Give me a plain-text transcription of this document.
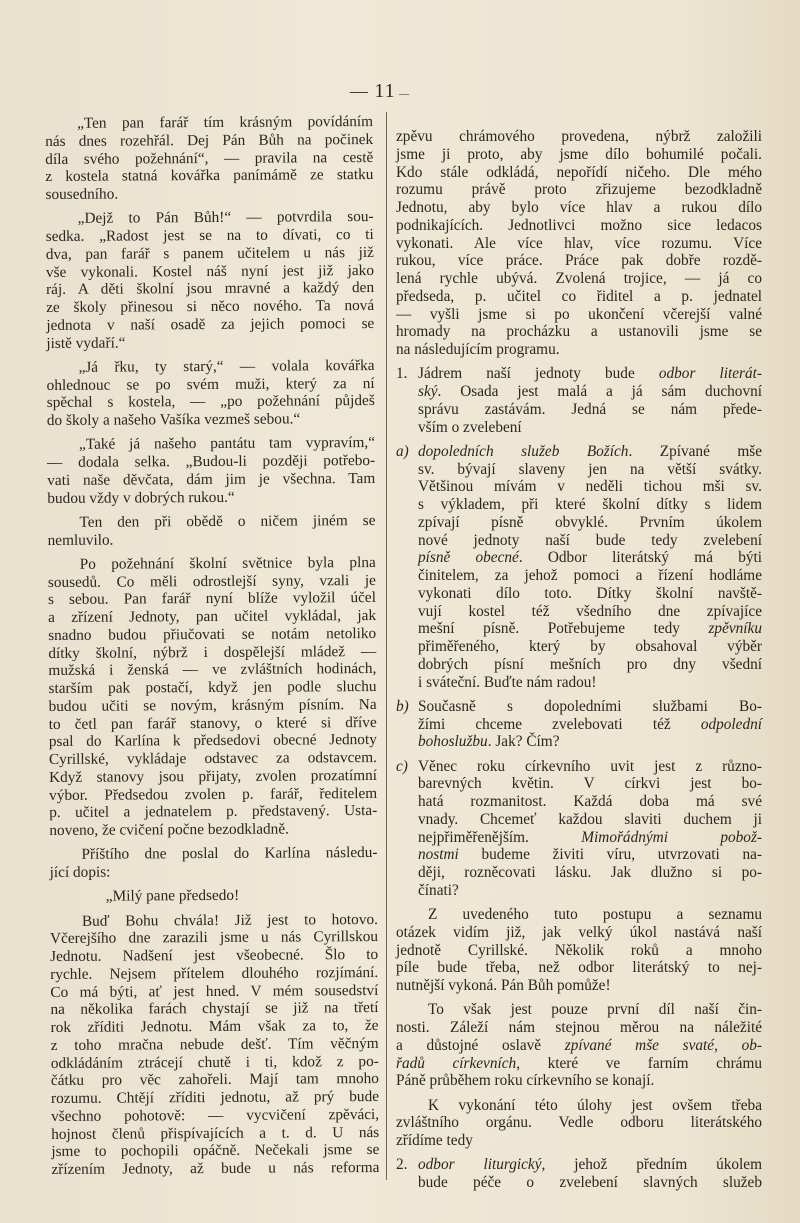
— 11 —
„Ten pan farář tím krásným povídáním
nás dnes rozehřál. Dej Pán Bůh na počinek
díla svého požehnání“, — pravila na cestě
z kostela statná kovářka panímámě ze statku
sousedního.
„Dejž to Pán Bůh!“ — potvrdila sou-
sedka. „Radost jest se na to dívati, co ti
dva, pan farář s panem učitelem u nás již
vše vykonali. Kostel náš nyní jest již jako
ráj. A děti školní jsou mravné a každý den
ze školy přinesou si něco nového. Ta nová
jednota v naší osadě za jejich pomoci se
jistě vydaří.“
„Já řku, ty starý,“ — volala kovářka
ohlednouc se po svém muži, který za ní
spěchal s kostela, — „po požehnání půjdeš
do školy a našeho Vašíka vezmeš sebou.“
„Také já našeho pantátu tam vypravím,“
— dodala selka. „Budou-li později potřebo-
vati naše děvčata, dám jim je všechna. Tam
budou vždy v dobrých rukou.“
Ten den při obědě o ničem jiném se
nemluvilo.
Po požehnání školní světnice byla plna
sousedů. Co měli odrostlejší syny, vzali je
s sebou. Pan farář nyní blíže vyložil účel
a zřízení Jednoty, pan učitel vykládal, jak
snadno budou přiučovati se notám netoliko
dítky školní, nýbrž i dospělejší mládež —
mužská i ženská — ve zvláštních hodinách,
starším pak postačí, když jen podle sluchu
budou učiti se novým, krásným písním. Na
to četl pan farář stanovy, o které si dříve
psal do Karlína k předsedovi obecné Jednoty
Cyrillské, vykládaje odstavec za odstavcem.
Když stanovy jsou přijaty, zvolen prozatímní
výbor. Předsedou zvolen p. farář, ředitelem
p. učitel a jednatelem p. představený. Usta-
noveno, že cvičení počne bezodkladně.
Příštího dne poslal do Karlína následu-
jící dopis:
„Milý pane předsedo!
Buď Bohu chvála! Již jest to hotovo.
Včerejšího dne zarazili jsme u nás Cyrillskou
Jednotu. Nadšení jest všeobecné. Šlo to
rychle. Nejsem přítelem dlouhého rozjímání.
Co má býti, ať jest hned. V mém sousedství
na několika farách chystají se již na třetí
rok zříditi Jednotu. Mám však za to, že
z toho mračna nebude dešť. Tím věčným
odkládáním ztrácejí chutě i ti, kdož z po-
čátku pro věc zahořeli. Mají tam mnoho
rozumu. Chtějí zříditi jednotu, až prý bude
všechno pohotově: — vycvičení zpěváci,
hojnost členů přispívajících a t. d. U nás
jsme to pochopili opáčně. Nečekali jsme se
zřízením Jednoty, až bude u nás reforma
zpěvu chrámového provedena, nýbrž založili
jsme ji proto, aby jsme dílo bohumilé počali.
Kdo stále odkládá, nepořídí ničeho. Dle mého
rozumu právě proto zřizujeme bezodkladně
Jednotu, aby bylo více hlav a rukou dílo
podnikajících. Jednotlivci možno sice ledacos
vykonati. Ale více hlav, více rozumu. Více
rukou, více práce. Práce pak dobře rozdě-
lená rychle ubývá. Zvolená trojice, — já co
předseda, p. učitel co řiditel a p. jednatel
— vyšli jsme si po ukončení včerejší valné
hromady na procházku a ustanovili jsme se
na následujícím programu.
1. Jádrem naší jednoty bude odbor literát-
ský. Osada jest malá a já sám duchovní
správu zastávám. Jedná se nám přede-
vším o zvelebení
a) dopoledních služeb Božích. Zpívané mše
sv. bývají slaveny jen na větší svátky.
Většinou mívám v neděli tichou mši sv.
s výkladem, při které školní dítky s lidem
zpívají písně obvyklé. Prvním úkolem
nové jednoty naší bude tedy zvelebení
písně obecné. Odbor literátský má býti
činitelem, za jehož pomoci a řízení hodláme
vykonati dílo toto. Dítky školní navště-
vují kostel též všedního dne zpívajíce
mešní písně. Potřebujeme tedy zpěvníku
přiměřeného, který by obsahoval výběr
dobrých písní mešních pro dny všední
i sváteční. Buďte nám radou!
b) Současně s dopoledními službami Bo-
žími chceme zvelebovati též odpolední
bohoslužbu. Jak? Čím?
c) Věnec roku církevního uvit jest z různo-
barevných květin. V církvi jest bo-
hatá rozmanitost. Každá doba má své
vnady. Chcemeť každou slaviti duchem ji
nejpřiměřenějším. Mimořádnými pobož-
nostmi budeme živiti víru, utvrzovati na-
ději, rozněcovati lásku. Jak dlužno si po-
čínati?
Z uvedeného tuto postupu a seznamu
otázek vidím již, jak velký úkol nastává naší
jednotě Cyrillské. Několik roků a mnoho
píle bude třeba, než odbor literátský to nej-
nutnější vykoná. Pán Bůh pomůže!
To však jest pouze první díl naší čin-
nosti. Záleží nám stejnou měrou na náležité
a důstojné oslavě zpívané mše svaté, ob-
řadů církevních, které ve farním chrámu
Páně průběhem roku církevního se konají.
K vykonání této úlohy jest ovšem třeba
zvláštního orgánu. Vedle odboru literátského
zřídíme tedy
2. odbor liturgický, jehož předním úkolem
bude péče o zvelebení slavných služeb
